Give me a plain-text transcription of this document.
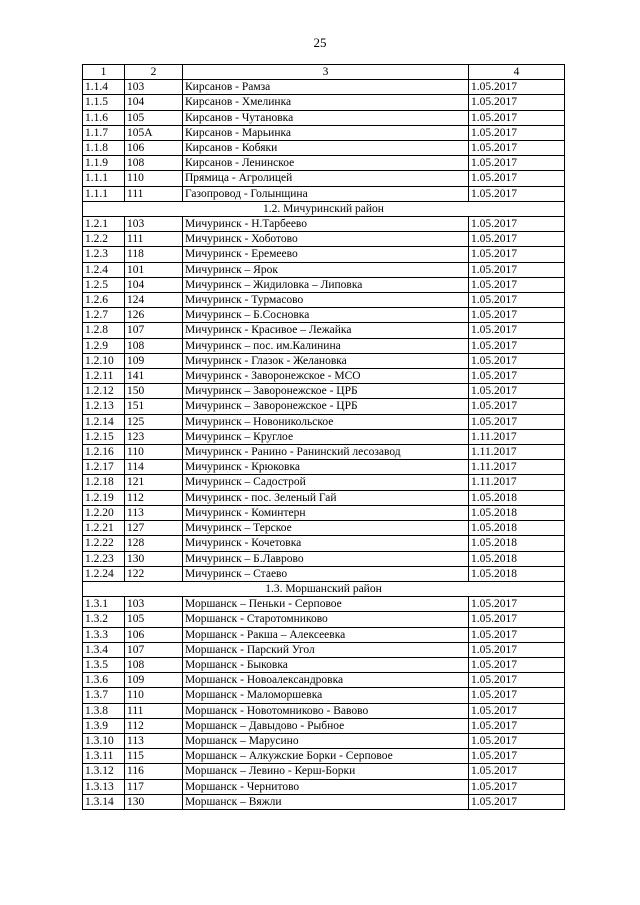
25
1	2	3	4
1.1.4	103	Кирсанов - Рамза	1.05.2017
1.1.5	104	Кирсанов - Хмелинка	1.05.2017
1.1.6	105	Кирсанов - Чутановка	1.05.2017
1.1.7	105А	Кирсанов - Марьинка	1.05.2017
1.1.8	106	Кирсанов - Кобяки	1.05.2017
1.1.9	108	Кирсанов - Ленинское	1.05.2017
1.1.1	110	Прямица - Агролицей	1.05.2017
1.1.1	111	Газопровод - Голынщина	1.05.2017
1.2. Мичуринский район			
1.2.1	103	Мичуринск - Н.Тарбеево	1.05.2017
1.2.2	111	Мичуринск - Хоботово	1.05.2017
1.2.3	118	Мичуринск - Еремеево	1.05.2017
1.2.4	101	Мичуринск – Ярок	1.05.2017
1.2.5	104	Мичуринск – Жидиловка – Липовка	1.05.2017
1.2.6	124	Мичуринск - Турмасово	1.05.2017
1.2.7	126	Мичуринск – Б.Сосновка	1.05.2017
1.2.8	107	Мичуринск - Красивое – Лежайка	1.05.2017
1.2.9	108	Мичуринск – пос. им.Калинина	1.05.2017
1.2.10	109	Мичуринск - Глазок - Желановка	1.05.2017
1.2.11	141	Мичуринск - Заворонежское - МСО	1.05.2017
1.2.12	150	Мичуринск – Заворонежское - ЦРБ	1.05.2017
1.2.13	151	Мичуринск – Заворонежское - ЦРБ	1.05.2017
1.2.14	125	Мичуринск – Новоникольское	1.05.2017
1.2.15	123	Мичуринск – Круглое	1.11.2017
1.2.16	110	Мичуринск - Ранино - Ранинский лесозавод	1.11.2017
1.2.17	114	Мичуринск - Крюковка	1.11.2017
1.2.18	121	Мичуринск – Садострой	1.11.2017
1.2.19	112	Мичуринск - пос. Зеленый Гай	1.05.2018
1.2.20	113	Мичуринск - Коминтерн	1.05.2018
1.2.21	127	Мичуринск – Терское	1.05.2018
1.2.22	128	Мичуринск - Кочетовка	1.05.2018
1.2.23	130	Мичуринск – Б.Лаврово	1.05.2018
1.2.24	122	Мичуринск – Стаево	1.05.2018
1.3. Моршанский район			
1.3.1	103	Моршанск – Пеньки - Серповое	1.05.2017
1.3.2	105	Моршанск - Старотомниково	1.05.2017
1.3.3	106	Моршанск - Ракша – Алексеевка	1.05.2017
1.3.4	107	Моршанск - Парский Угол	1.05.2017
1.3.5	108	Моршанск - Быковка	1.05.2017
1.3.6	109	Моршанск - Новоалександровка	1.05.2017
1.3.7	110	Моршанск - Маломоршевка	1.05.2017
1.3.8	111	Моршанск - Новотомниково - Вавово	1.05.2017
1.3.9	112	Моршанск – Давыдово - Рыбное	1.05.2017
1.3.10	113	Моршанск – Марусино	1.05.2017
1.3.11	115	Моршанск – Алкужские Борки - Серповое	1.05.2017
1.3.12	116	Моршанск – Левино - Керш-Борки	1.05.2017
1.3.13	117	Моршанск - Чернитово	1.05.2017
1.3.14	130	Моршанск – Вяжли	1.05.2017
